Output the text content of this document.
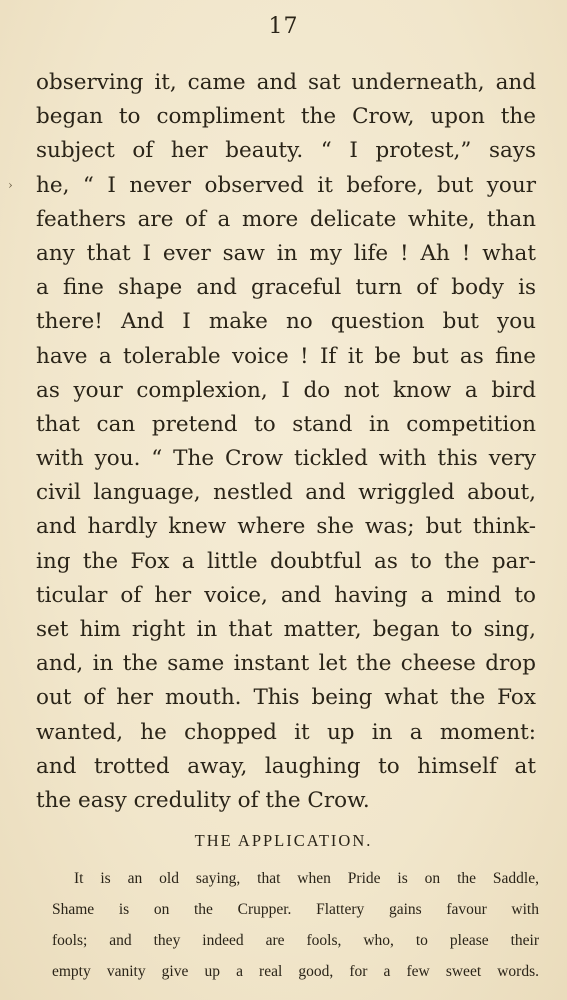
17
›
observing it, came and sat underneath, and
began to compliment the Crow, upon the
subject of her beauty. “ I protest,” says
he, “ I never observed it before, but your
feathers are of a more delicate white, than
any that I ever saw in my life ! Ah ! what
a fine shape and graceful turn of body is
there! And I make no question but you
have a tolerable voice ! If it be but as fine
as your complexion, I do not know a bird
that can pretend to stand in competition
with you. “ The Crow tickled with this very
civil language, nestled and wriggled about,
and hardly knew where she was; but think-
ing the Fox a little doubtful as to the par-
ticular of her voice, and having a mind to
set him right in that matter, began to sing,
and, in the same instant let the cheese drop
out of her mouth. This being what the Fox
wanted, he chopped it up in a moment:
and trotted away, laughing to himself at
the easy credulity of the Crow.
THE APPLICATION.
It is an old saying, that when Pride is on the Saddle,
Shame is on the Crupper. Flattery gains favour with
fools; and they indeed are fools, who, to please their
empty vanity give up a real good, for a few sweet words.
